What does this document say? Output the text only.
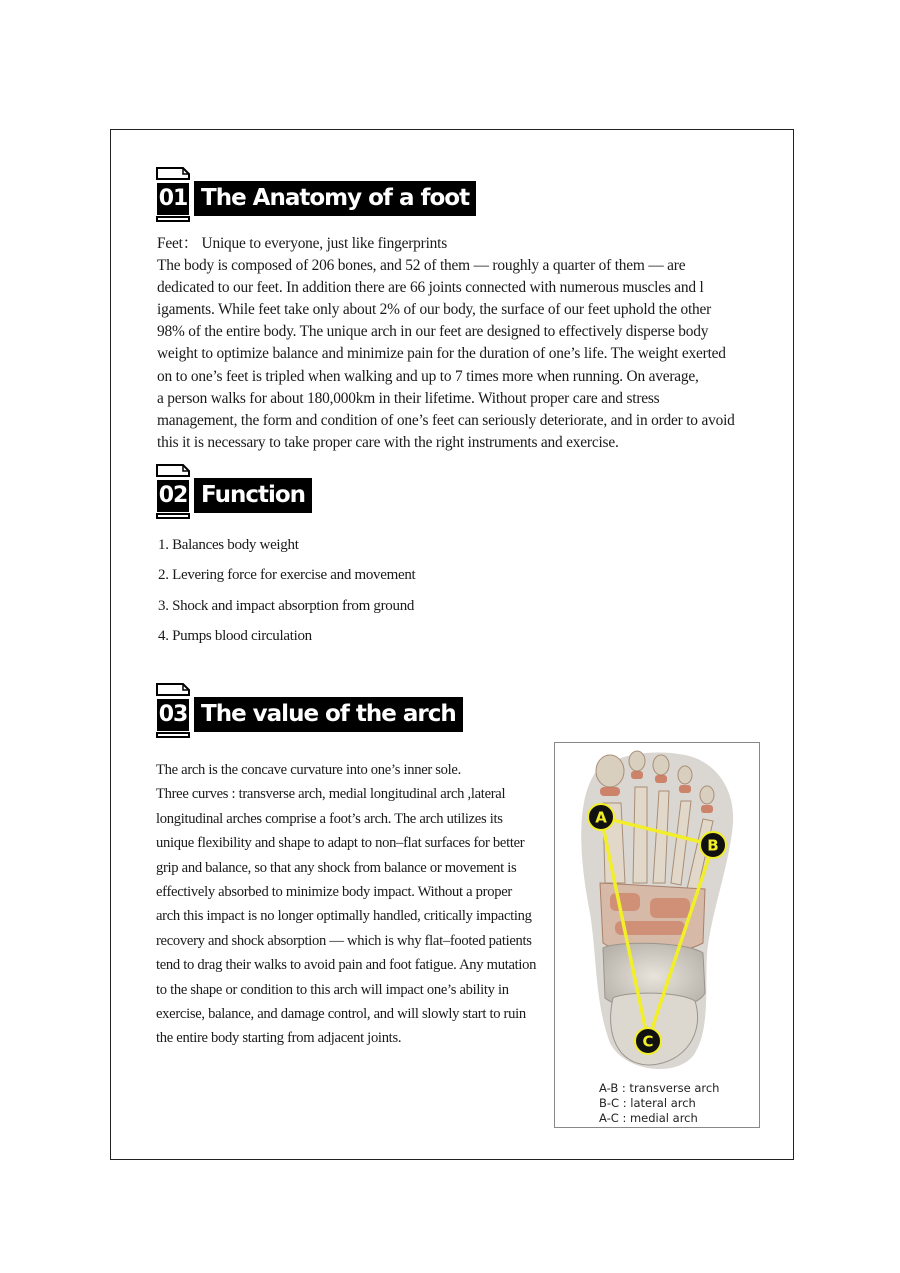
01 The Anatomy of a foot

Feet： Unique to everyone, just like fingerprints

The body is composed of 206 bones, and 52 of them — roughly a quarter of them — are

dedicated to our feet. In addition there are 66 joints connected with numerous muscles and l

igaments. While feet take only about 2% of our body, the surface of our feet uphold the other

98% of the entire body. The unique arch in our feet are designed to effectively disperse body

weight to optimize balance and minimize pain for the duration of one’s life. The weight exerted

on to one’s feet is tripled when walking and up to 7 times more when running. On average,

a person walks for about 180,000km in their lifetime. Without proper care and stress

management, the form and condition of one’s feet can seriously deteriorate, and in order to avoid

this it is necessary to take proper care with the right instruments and exercise.

02 Function
1. Balances body weight
2. Levering force for exercise and movement
3. Shock and impact absorption from ground
4. Pumps blood circulation
03 The value of the arch

The arch is the concave curvature into one’s inner sole.

Three curves : transverse arch, medial longitudinal arch ,lateral

longitudinal arches comprise a foot’s arch. The arch utilizes its

unique flexibility and shape to adapt to non–flat surfaces for better

grip and balance, so that any shock from balance or movement is

effectively absorbed to minimize body impact. Without a proper

arch this impact is no longer optimally handled, critically impacting

recovery and shock absorption — which is why flat–footed patients

tend to drag their walks to avoid pain and foot fatigue. Any mutation

to the shape or condition to this arch will impact one’s ability in

exercise, balance, and damage control, and will slowly start to ruin

the entire body starting from adjacent joints.

A
B
C
A-B : transverse arch
B-C : lateral arch
A-C : medial arch
